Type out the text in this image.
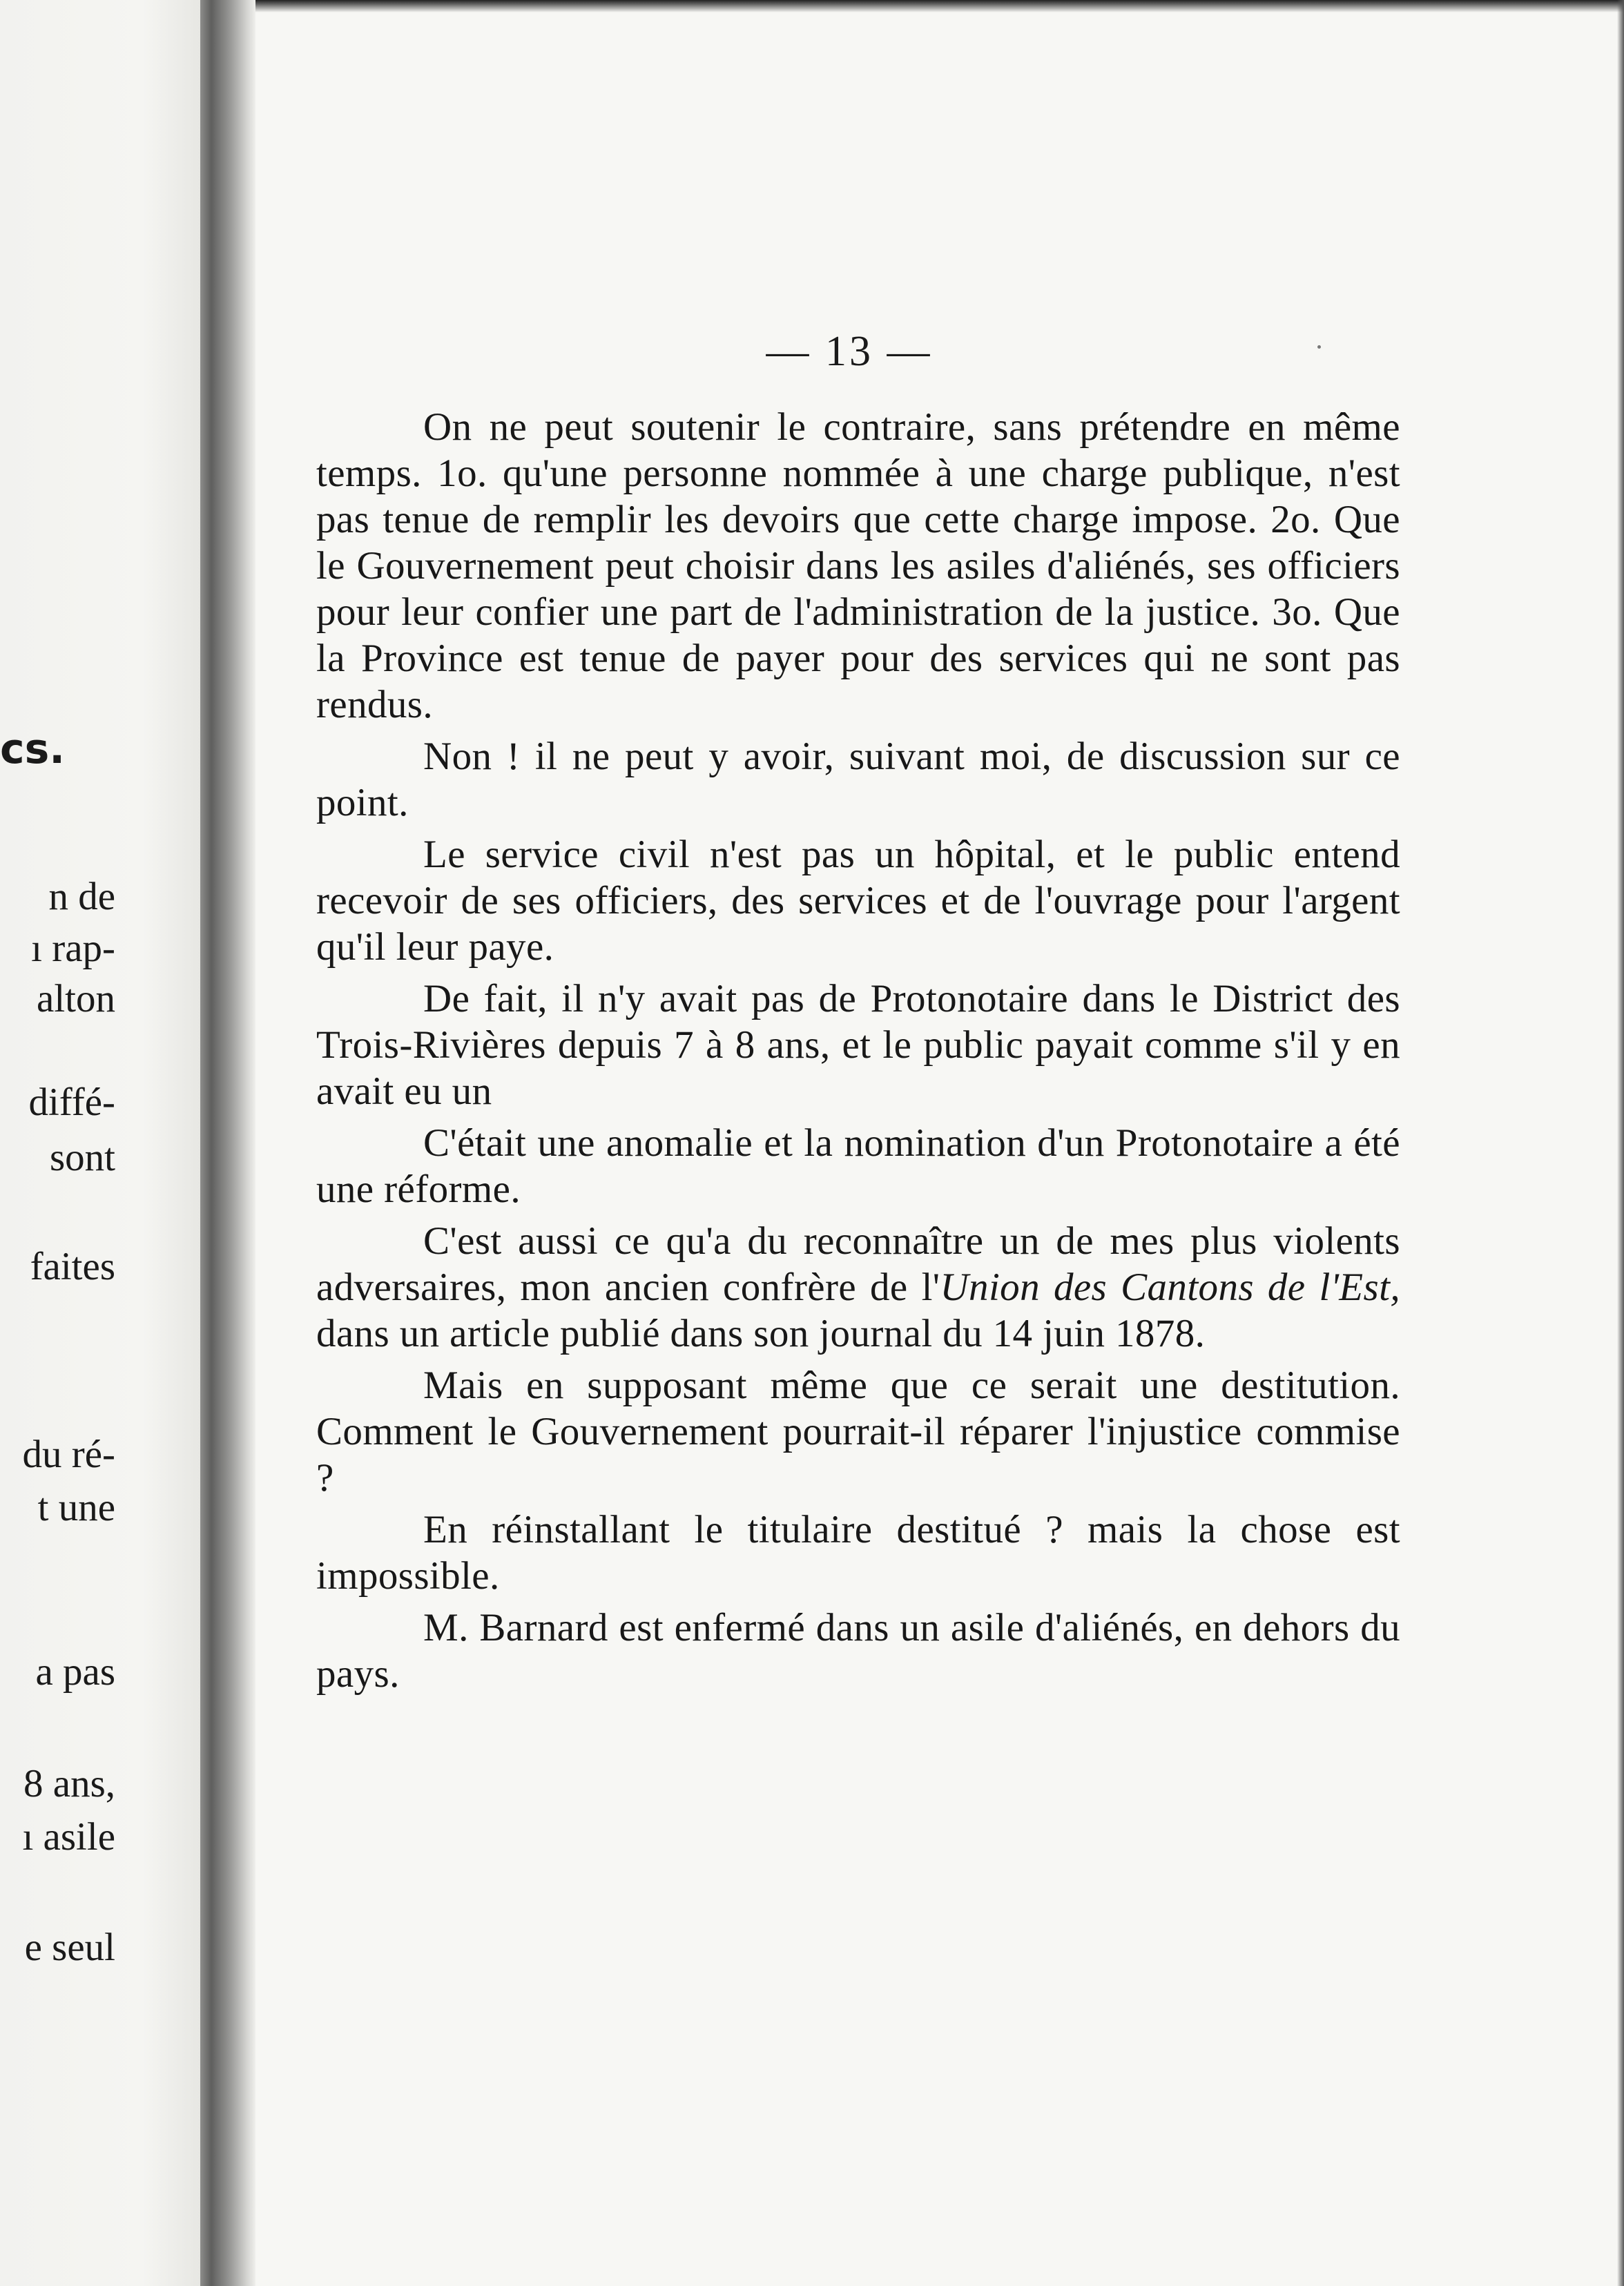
cs.
n de
ı rap-
alton
diffé-
sont
faites
du ré-
t une
a pas
8 ans,
ı asile
e seul
— 13 —

On ne peut soutenir le contraire, sans prétendre en même temps. 1o. qu'une personne nommée à une charge publique, n'est pas tenue de remplir les devoirs que cette charge impose. 2o. Que le Gouvernement peut choisir dans les asiles d'aliénés, ses officiers pour leur confier une part de l'administration de la justice. 3o. Que la Province est tenue de payer pour des services qui ne sont pas rendus.

Non ! il ne peut y avoir, suivant moi, de discussion sur ce point.

Le service civil n'est pas un hôpital, et le public entend recevoir de ses officiers, des services et de l'ouvrage pour l'argent qu'il leur paye.

De fait, il n'y avait pas de Protonotaire dans le District des Trois-Rivières depuis 7 à 8 ans, et le public payait comme s'il y en avait eu un

C'était une anomalie et la nomination d'un Protonotaire a été une réforme.

C'est aussi ce qu'a du reconnaître un de mes plus violents adversaires, mon ancien confrère de l'Union des Cantons de l'Est, dans un article publié dans son journal du 14 juin 1878.

Mais en supposant même que ce serait une destitution. Comment le Gouvernement pourrait-il réparer l'injustice commise ?

En réinstallant le titulaire destitué ? mais la chose est impossible.

M. Barnard est enfermé dans un asile d'aliénés, en dehors du pays.
